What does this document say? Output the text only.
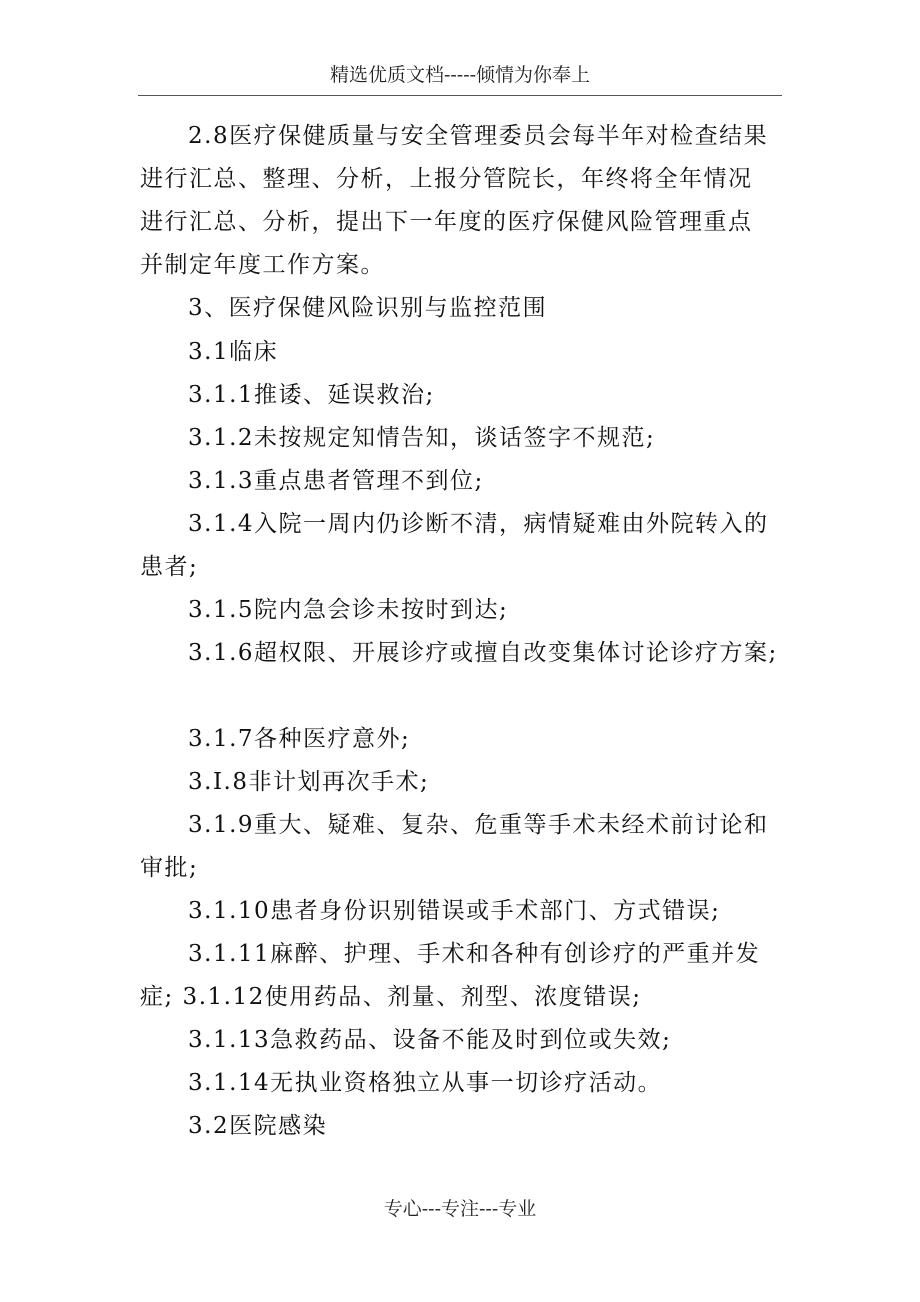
精选优质文档-----倾情为你奉上
2.8医疗保健质量与安全管理委员会每半年对检查结果
进行汇总、整理、分析，上报分管院长，年终将全年情况
进行汇总、分析，提出下一年度的医疗保健风险管理重点
并制定年度工作方案。
3、医疗保健风险识别与监控范围
3.1临床
3.1.1推诿、延误救治;
3.1.2未按规定知情告知，谈话签字不规范;
3.1.3重点患者管理不到位;
3.1.4入院一周内仍诊断不清，病情疑难由外院转入的
患者;
3.1.5院内急会诊未按时到达;
3.1.6超权限、开展诊疗或擅自改变集体讨论诊疗方案;
3.1.7各种医疗意外;
3.I.8非计划再次手术;
3.1.9重大、疑难、复杂、危重等手术未经术前讨论和
审批;
3.1.10患者身份识别错误或手术部门、方式错误;
3.1.11麻醉、护理、手术和各种有创诊疗的严重并发
症; 3.1.12使用药品、剂量、剂型、浓度错误;
3.1.13急救药品、设备不能及时到位或失效;
3.1.14无执业资格独立从事一切诊疗活动。
3.2医院感染
专心---专注---专业
